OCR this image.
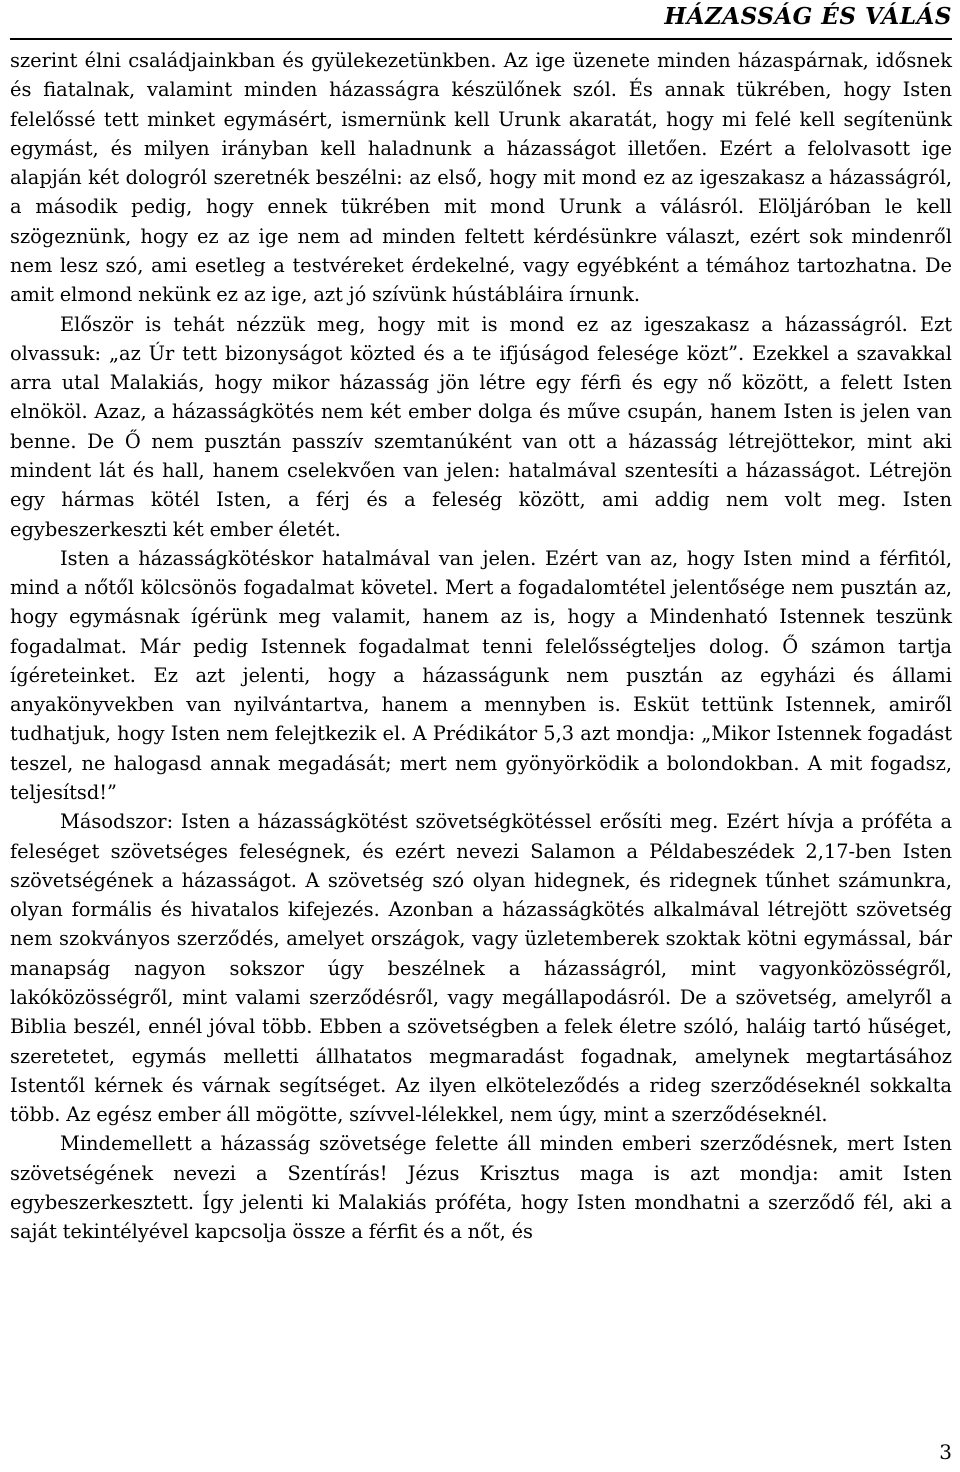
HÁZASSÁG ÉS VÁLÁS

szerint élni családjainkban és gyülekezetünkben. Az ige üzenete minden házaspárnak, idősnek és fiatalnak, valamint minden házasságra készülőnek szól. És annak tükrében, hogy Isten felelőssé tett minket egymásért, ismernünk kell Urunk akaratát, hogy mi felé kell segítenünk egymást, és milyen irányban kell haladnunk a házasságot illetően. Ezért a felolvasott ige alapján két dologról szeretnék beszélni: az első, hogy mit mond ez az igeszakasz a házasságról, a második pedig, hogy ennek tükrében mit mond Urunk a válásról. Elöljáróban le kell szögeznünk, hogy ez az ige nem ad minden feltett kérdésünkre választ, ezért sok mindenről nem lesz szó, ami esetleg a testvéreket érdekelné, vagy egyébként a témához tartozhatna. De amit elmond nekünk ez az ige, azt jó szívünk hústábláira írnunk.

Először is tehát nézzük meg, hogy mit is mond ez az igeszakasz a házasságról. Ezt olvassuk: „az Úr tett bizonyságot közted és a te ifjúságod felesége közt”. Ezekkel a szavakkal arra utal Malakiás, hogy mikor házasság jön létre egy férfi és egy nő között, a felett Isten elnököl. Azaz, a házasságkötés nem két ember dolga és műve csupán, hanem Isten is jelen van benne. De Ő nem pusztán passzív szemtanúként van ott a házasság létrejöttekor, mint aki mindent lát és hall, hanem cselekvően van jelen: hatalmával szentesíti a házasságot. Létrejön egy hármas kötél Isten, a férj és a feleség között, ami addig nem volt meg. Isten egybeszerkeszti két ember életét.

Isten a házasságkötéskor hatalmával van jelen. Ezért van az, hogy Isten mind a férfitól, mind a nőtől kölcsönös fogadalmat követel. Mert a fogadalomtétel jelentősége nem pusztán az, hogy egymásnak ígérünk meg valamit, hanem az is, hogy a Mindenható Istennek teszünk fogadalmat. Már pedig Istennek fogadalmat tenni felelősségteljes dolog. Ő számon tartja ígéreteinket. Ez azt jelenti, hogy a házasságunk nem pusztán az egyházi és állami anyakönyvekben van nyilvántartva, hanem a mennyben is. Esküt tettünk Istennek, amiről tudhatjuk, hogy Isten nem felejtkezik el. A Prédikátor 5,3 azt mondja: „Mikor Istennek fogadást teszel, ne halogasd annak megadását; mert nem gyönyörködik a bolondokban. A mit fogadsz, teljesítsd!”

Másodszor: Isten a házasságkötést szövetségkötéssel erősíti meg. Ezért hívja a próféta a feleséget szövetséges feleségnek, és ezért nevezi Salamon a Példabeszédek 2,17-ben Isten szövetségének a házasságot. A szövetség szó olyan hidegnek, és ridegnek tűnhet számunkra, olyan formális és hivatalos kifejezés. Azonban a házasságkötés alkalmával létrejött szövetség nem szokványos szerződés, amelyet országok, vagy üzletemberek szoktak kötni egymással, bár manapság nagyon sokszor úgy beszélnek a házasságról, mint vagyonközösségről, lakóközösségről, mint valami szerződésről, vagy megállapodásról. De a szövetség, amelyről a Biblia beszél, ennél jóval több. Ebben a szövetségben a felek életre szóló, haláig tartó hűséget, szeretetet, egymás melletti állhatatos megmaradást fogadnak, amelynek megtartásához Istentől kérnek és várnak segítséget. Az ilyen elköteleződés a rideg szerződéseknél sokkalta több. Az egész ember áll mögötte, szívvel-lélekkel, nem úgy, mint a szerződéseknél.

Mindemellett a házasság szövetsége felette áll minden emberi szerződésnek, mert Isten szövetségének nevezi a Szentírás! Jézus Krisztus maga is azt mondja: amit Isten egybeszerkesztett. Így jelenti ki Malakiás próféta, hogy Isten mondhatni a szerződő fél, aki a saját tekintélyével kapcsolja össze a férfit és a nőt, és

3
